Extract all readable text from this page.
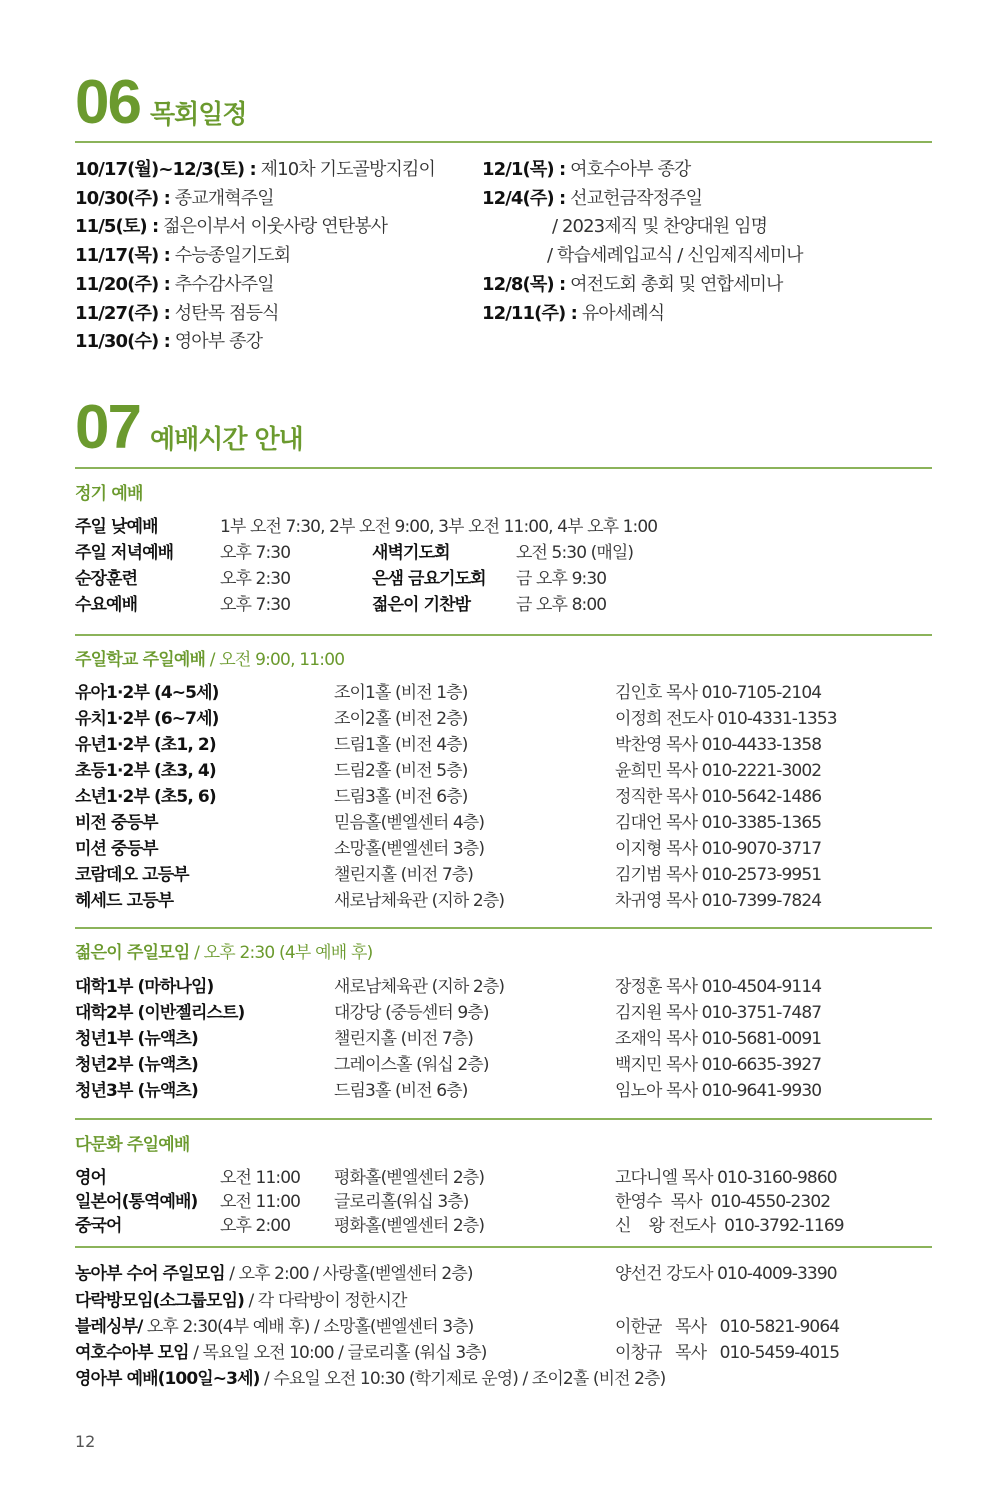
06 목회일정
10/17(월)~12/3(토) : 제10차 기도골방지킴이
10/30(주) : 종교개혁주일
11/5(토) : 젊은이부서 이웃사랑 연탄봉사
11/17(목) : 수능종일기도회
11/20(주) : 추수감사주일
11/27(주) : 성탄목 점등식
11/30(수) : 영아부 종강
12/1(목) : 여호수아부 종강
12/4(주) : 선교헌금작정주일
/ 2023제직 및 찬양대원 임명
/ 학습세례입교식 / 신임제직세미나
12/8(목) : 여전도회 총회 및 연합세미나
12/11(주) : 유아세례식
07 예배시간 안내
정기 예배
주일 낮예배	1부 오전 7:30, 2부 오전 9:00, 3부 오전 11:00, 4부 오후 1:00
주일 저녁예배	오후 7:30	새벽기도회	오전 5:30 (매일)
순장훈련	오후 2:30	은샘 금요기도회 금 오후 9:30
수요예배	오후 7:30	젊은이 기찬밤	금 오후 8:00
주일학교 주일예배 / 오전 9:00, 11:00
유아1·2부 (4~5세)	조이1홀 (비전 1층)	김인호 목사 010-7105-2104
유치1·2부 (6~7세)	조이2홀 (비전 2층)	이정희 전도사 010-4331-1353
유년1·2부 (초1, 2)	드림1홀 (비전 4층)	박찬영 목사 010-4433-1358
초등1·2부 (초3, 4)	드림2홀 (비전 5층)	윤희민 목사 010-2221-3002
소년1·2부 (초5, 6)	드림3홀 (비전 6층)	정직한 목사 010-5642-1486
비전 중등부	믿음홀(벧엘센터 4층)	김대언 목사 010-3385-1365
미션 중등부	소망홀(벧엘센터 3층)	이지형 목사 010-9070-3717
코람데오 고등부	챌린지홀 (비전 7층)	김기범 목사 010-2573-9951
헤세드 고등부	새로남체육관 (지하 2층)	차귀영 목사 010-7399-7824
젊은이 주일모임 / 오후 2:30 (4부 예배 후)
대학1부 (마하나임)	새로남체육관 (지하 2층)	장정훈 목사 010-4504-9114
대학2부 (이반젤리스트)	대강당 (중등센터 9층)	김지원 목사 010-3751-7487
청년1부 (뉴액츠)	챌린지홀 (비전 7층)	조재익 목사 010-5681-0091
청년2부 (뉴액츠)	그레이스홀 (워십 2층)	백지민 목사 010-6635-3927
청년3부 (뉴액츠)	드림3홀 (비전 6층)	임노아 목사 010-9641-9930
다문화 주일예배
영어	오전 11:00 평화홀(벧엘센터 2층)	고다니엘 목사 010-3160-9860
일본어(통역예배) 오전 11:00 글로리홀(워십 3층)	한영수  목사  010-4550-2302
중국어	오후 2:00	평화홀(벧엘센터 2층)	신    왕 전도사  010-3792-1169
농아부 수어 주일모임 / 오후 2:00 / 사랑홀(벧엘센터 2층)	양선건 강도사 010-4009-3390
다락방모임(소그룹모임) / 각 다락방이 정한시간
블레싱부/ 오후 2:30(4부 예배 후) / 소망홀(벧엘센터 3층)	이한균   목사   010-5821-9064
여호수아부 모임 / 목요일 오전 10:00 / 글로리홀 (워십 3층)	이창규   목사   010-5459-4015
영아부 예배(100일~3세) / 수요일 오전 10:30 (학기제로 운영) / 조이2홀 (비전 2층)
12
